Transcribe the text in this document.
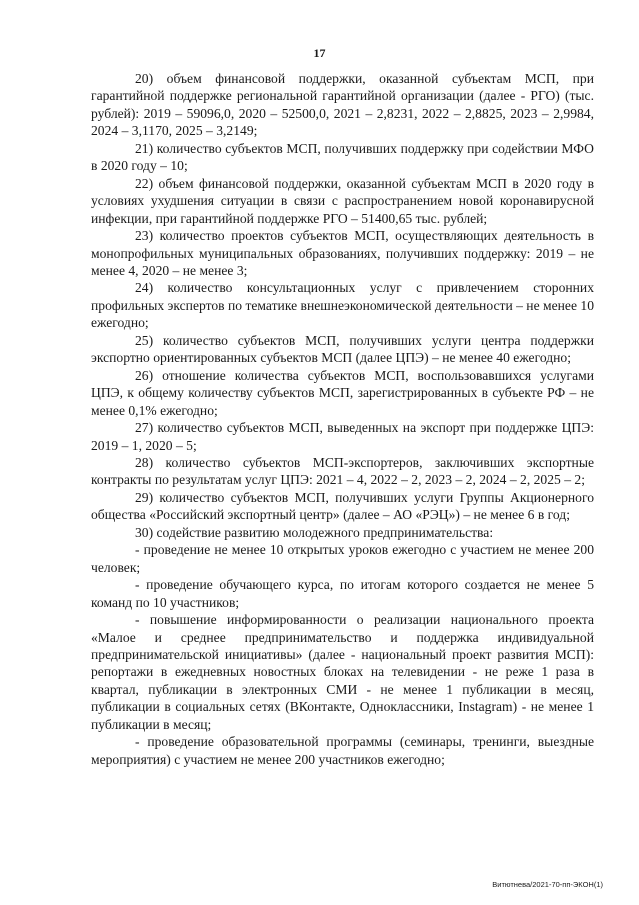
17

20) объем финансовой поддержки, оказанной субъектам МСП, при гарантийной поддержке региональной гарантийной организации (далее - РГО) (тыс. рублей): 2019 – 59096,0, 2020 – 52500,0, 2021 – 2,8231, 2022 – 2,8825, 2023 – 2,9984, 2024 – 3,1170, 2025 – 3,2149;

21) количество субъектов МСП, получивших поддержку при содействии МФО в 2020 году – 10;

22) объем финансовой поддержки, оказанной субъектам МСП в 2020 году в условиях ухудшения ситуации в связи с распространением новой коронавирусной инфекции, при гарантийной поддержке РГО – 51400,65 тыс. рублей;

23) количество проектов субъектов МСП, осуществляющих деятельность в монопрофильных муниципальных образованиях, получивших поддержку: 2019 – не менее 4, 2020 – не менее 3;

24) количество консультационных услуг с привлечением сторонних профильных экспертов по тематике внешнеэкономической деятельности – не менее 10 ежегодно;

25) количество субъектов МСП, получивших услуги центра поддержки экспортно ориентированных субъектов МСП (далее ЦПЭ) – не менее 40 ежегодно;

26) отношение количества субъектов МСП, воспользовавшихся услугами ЦПЭ, к общему количеству субъектов МСП, зарегистрированных в субъекте РФ – не менее 0,1% ежегодно;

27) количество субъектов МСП, выведенных на экспорт при поддержке ЦПЭ: 2019 – 1, 2020 – 5;

28) количество субъектов МСП-экспортеров, заключивших экспортные контракты по результатам услуг ЦПЭ: 2021 – 4, 2022 – 2, 2023 – 2, 2024 – 2, 2025 – 2;

29) количество субъектов МСП, получивших услуги Группы Акционерного общества «Российский экспортный центр» (далее – АО «РЭЦ») – не менее 6 в год;

30) содействие развитию молодежного предпринимательства:

- проведение не менее 10 открытых уроков ежегодно с участием не менее 200 человек;

- проведение обучающего курса, по итогам которого создается не менее 5 команд по 10 участников;

- повышение информированности о реализации национального проекта «Малое и среднее предпринимательство и поддержка индивидуальной предпринимательской инициативы» (далее - национальный проект развития МСП): репортажи в ежедневных новостных блоках на телевидении - не реже 1 раза в квартал, публикации в электронных СМИ - не менее 1 публикации в месяц, публикации в социальных сетях (ВКонтакте, Одноклассники, Instagram) - не менее 1 публикации в месяц;

- проведение образовательной программы (семинары, тренинги, выездные мероприятия) с участием не менее 200 участников ежегодно;

Витютнева/2021-70-пп-ЭКОН(1)
